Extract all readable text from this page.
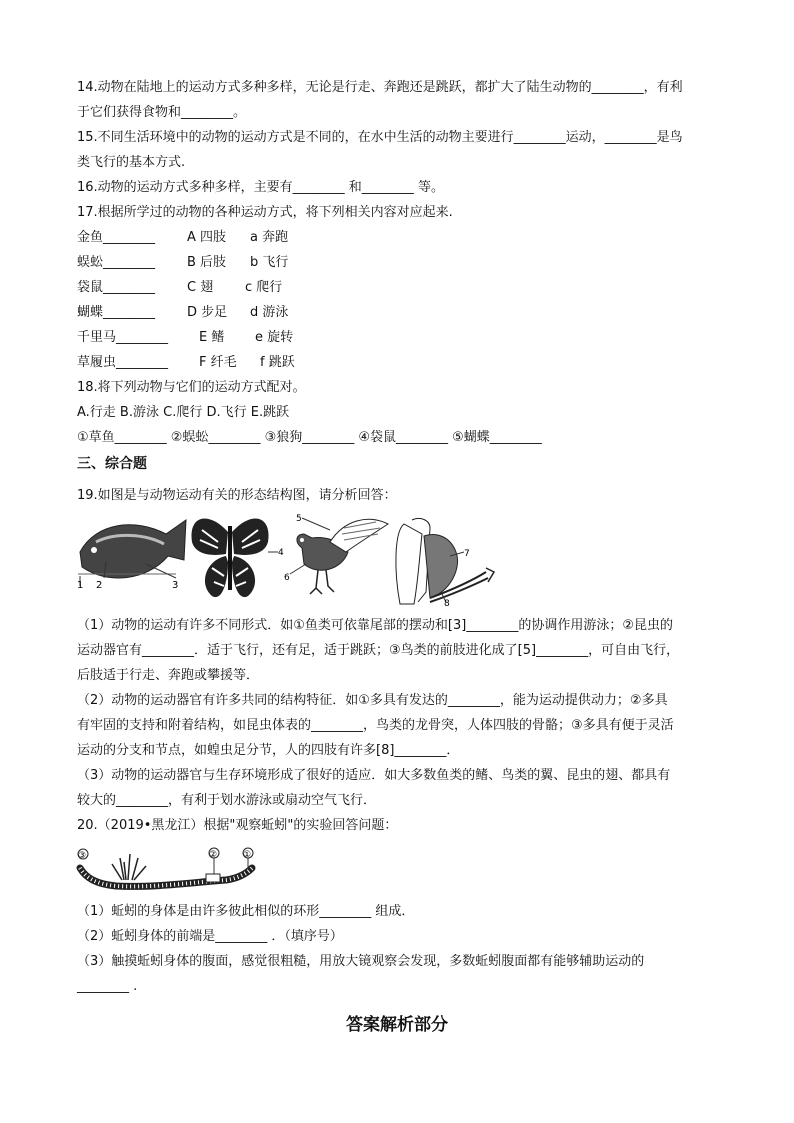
14.动物在陆地上的运动方式多种多样，无论是行走、奔跑还是跳跃，都扩大了陆生动物的________，有利
于它们获得食物和________。
15.不同生活环境中的动物的运动方式是不同的，在水中生活的动物主要进行________运动，________是鸟
类飞行的基本方式.
16.动物的运动方式多种多样，主要有________ 和________ 等。
17.根据所学过的动物的各种运动方式，将下列相关内容对应起来.
金鱼________ A 四肢 a 奔跑
蜈蚣________ B 后肢 b 飞行
袋鼠________ C 翅 c 爬行
蝴蝶________ D 步足 d 游泳
千里马________ E 鳍 e 旋转
草履虫________ F 纤毛 f 跳跃
18.将下列动物与它们的运动方式配对。
A.行走 B.游泳 C.爬行 D.飞行 E.跳跃
①草鱼________ ②蜈蚣________ ③狼狗________ ④袋鼠________ ⑤蝴蝶________
三、综合题
19.如图是与动物运动有关的形态结构图，请分析回答：
1 2	3
4
5
6
7
8
（1）动物的运动有许多不同形式．如①鱼类可依靠尾部的摆动和[3]________的协调作用游泳；②昆虫的
运动器官有________．适于飞行，还有足，适于跳跃；③鸟类的前肢进化成了[5]________，可自由飞行，
后肢适于行走、奔跑或攀援等．
（2）动物的运动器官有许多共同的结构特征．如①多具有发达的________，能为运动提供动力；②多具
有牢固的支持和附着结构，如昆虫体表的________，鸟类的龙骨突，人体四肢的骨骼；③多具有便于灵活
运动的分支和节点，如蝗虫足分节，人的四肢有许多[8]________．
（3）动物的运动器官与生存环境形成了很好的适应．如大多数鱼类的鳍、鸟类的翼、昆虫的翅、都具有
较大的________，有利于划水游泳或扇动空气飞行．
20.（2019•黑龙江）根据"观察蚯蚓"的实验回答问题：
③	②	①
（1）蚯蚓的身体是由许多彼此相似的环形________ 组成．
（2）蚯蚓身体的前端是________ ．（填序号）
（3）触摸蚯蚓身体的腹面，感觉很粗糙，用放大镜观察会发现，多数蚯蚓腹面都有能够辅助运动的
________ .
答案解析部分
